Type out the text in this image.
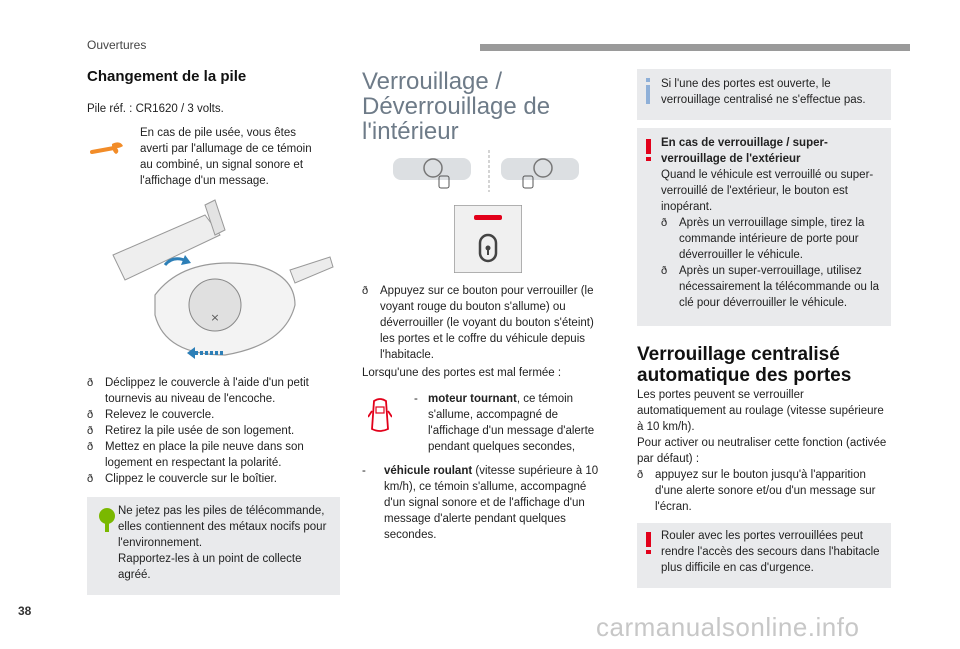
Ouvertures
Changement de la pile
Pile réf. : CR1620 / 3 volts.
En cas de pile usée, vous êtes averti par l'allumage de ce témoin au combiné, un signal sonore et l'affichage d'un message.
×
ð Déclippez le couvercle à l'aide d'un petit tournevis au niveau de l'encoche.
ð Relevez le couvercle.
ð Retirez la pile usée de son logement.
ð Mettez en place la pile neuve dans son logement en respectant la polarité.
ð Clippez le couvercle sur le boîtier.
Ne jetez pas les piles de télécommande, elles contiennent des métaux nocifs pour l'environnement.
Rapportez-les à un point de collecte agréé.
Verrouillage /
Déverrouillage de
l'intérieur
ð Appuyez sur ce bouton pour verrouiller (le voyant rouge du bouton s'allume) ou déverrouiller (le voyant du bouton s'éteint) les portes et le coffre du véhicule depuis l'habitacle.
Lorsqu'une des portes est mal fermée :
- moteur tournant, ce témoin s'allume, accompagné de l'affichage d'un message d'alerte pendant quelques secondes,
-	véhicule roulant (vitesse supérieure à 10 km/h), ce témoin s'allume, accompagné d'un signal sonore et de l'affichage d'un message d'alerte pendant quelques secondes.
Si l'une des portes est ouverte, le verrouillage centralisé ne s'effectue pas.
En cas de verrouillage / super-verrouillage de l'extérieur
Quand le véhicule est verrouillé ou super-verrouillé de l'extérieur, le bouton est inopérant.
ð Après un verrouillage simple, tirez la commande intérieure de porte pour déverrouiller le véhicule.
ð Après un super-verrouillage, utilisez nécessairement la télécommande ou la clé pour déverrouiller le véhicule.
Verrouillage centralisé
automatique des portes
Les portes peuvent se verrouiller automatiquement au roulage (vitesse supérieure à 10 km/h).
Pour activer ou neutraliser cette fonction (activée par défaut) :
ð appuyez sur le bouton jusqu'à l'apparition d'une alerte sonore et/ou d'un message sur l'écran.
Rouler avec les portes verrouillées peut rendre l'accès des secours dans l'habitacle plus difficile en cas d'urgence.
38
carmanualsonline.info
